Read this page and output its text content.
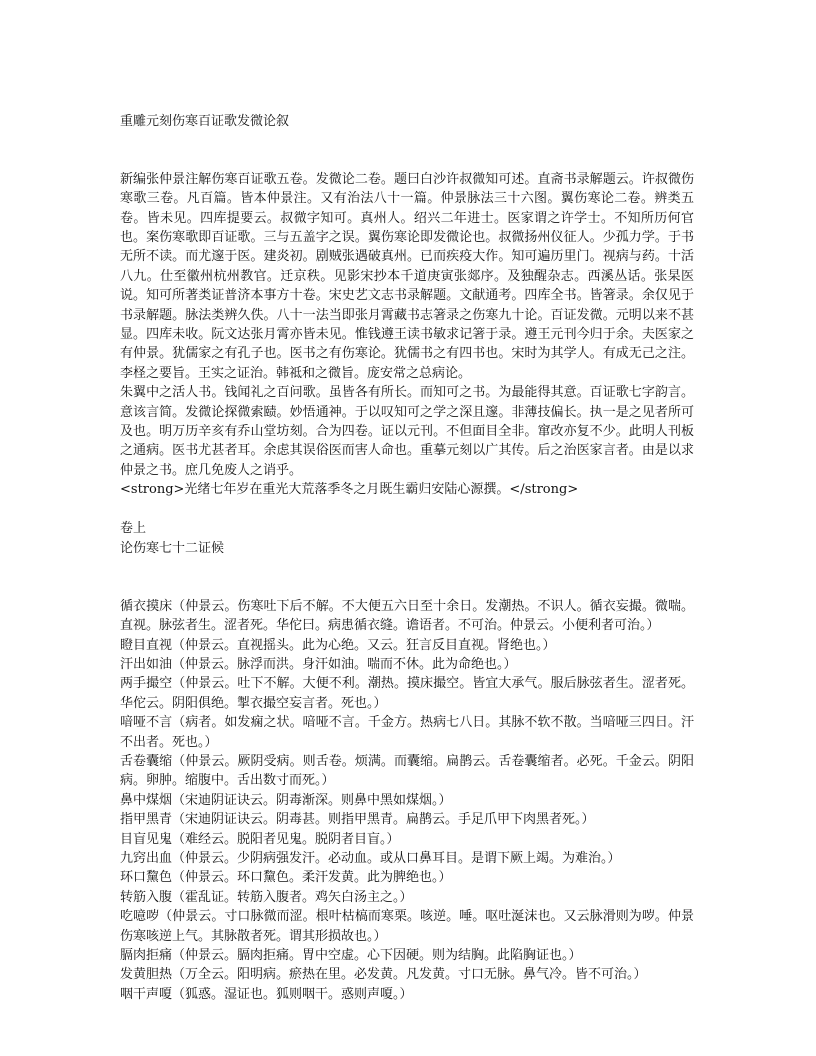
重雕元刻伤寒百证歌发微论叙

新编张仲景注解伤寒百证歌五卷。发微论二卷。题曰白沙许叔微知可述。直斋书录解题云。许叔微伤寒歌三卷。凡百篇。皆本仲景注。又有治法八十一篇。仲景脉法三十六图。翼伤寒论二卷。辨类五卷。皆未见。四库提要云。叔微字知可。真州人。绍兴二年进士。医家谓之许学士。不知所历何官也。案伤寒歌即百证歌。三与五盖字之误。翼伤寒论即发微论也。叔微扬州仪征人。少孤力学。于书无所不读。而尤邃于医。建炎初。剧贼张遇破真州。已而疾疫大作。知可遍历里门。视病与药。十活八九。仕至徽州杭州教官。迁京秩。见影宋抄本千道庚寅张郯序。及独醒杂志。西溪丛话。张杲医说。知可所著类证普济本事方十卷。宋史艺文志书录解题。文献通考。四库全书。皆箸录。余仅见于书录解题。脉法类辨久佚。八十一法当即张月霄藏书志箸录之伤寒九十论。百证发微。元明以来不甚显。四库未收。阮文达张月霄亦皆未见。惟钱遵王读书敏求记箸于录。遵王元刊今归于余。夫医家之有仲景。犹儒家之有孔子也。医书之有伤寒论。犹儒书之有四书也。宋时为其学人。有成无己之注。李柽之要旨。王实之证治。韩祗和之微旨。庞安常之总病论。

朱翼中之活人书。钱闻礼之百问歌。虽皆各有所长。而知可之书。为最能得其意。百证歌七字韵言。意该言简。发微论探微索赜。妙悟通神。于以叹知可之学之深且邃。非薄技偏长。执一是之见者所可及也。明万历辛亥有乔山堂坊刻。合为四卷。证以元刊。不但面目全非。窜改亦复不少。此明人刊板之通病。医书尤甚者耳。余虑其误俗医而害人命也。重摹元刻以广其传。后之治医家言者。由是以求仲景之书。庶几免废人之诮乎。

<strong>光绪七年岁在重光大荒落季冬之月既生霸归安陆心源撰。</strong>

卷上

论伤寒七十二证候

循衣摸床（仲景云。伤寒吐下后不解。不大便五六日至十余日。发潮热。不识人。循衣妄撮。微喘。直视。脉弦者生。涩者死。华佗曰。病患循衣缝。谵语者。不可治。仲景云。小便利者可治。）

瞪目直视（仲景云。直视摇头。此为心绝。又云。狂言反目直视。肾绝也。）

汗出如油（仲景云。脉浮而洪。身汗如油。喘而不休。此为命绝也。）

两手撮空（仲景云。吐下不解。大便不利。潮热。摸床撮空。皆宜大承气。服后脉弦者生。涩者死。华佗云。阴阳俱绝。掣衣撮空妄言者。死也。）

喑哑不言（病者。如发痫之状。喑哑不言。千金方。热病七八日。其脉不软不散。当喑哑三四日。汗不出者。死也。）

舌卷囊缩（仲景云。厥阴受病。则舌卷。烦满。而囊缩。扁鹊云。舌卷囊缩者。必死。千金云。阴阳病。卵肿。缩腹中。舌出数寸而死。）

鼻中煤烟（宋迪阴证诀云。阴毒渐深。则鼻中黑如煤烟。）

指甲黑青（宋迪阴证诀云。阴毒甚。则指甲黑青。扁鹊云。手足爪甲下肉黑者死。）

目盲见鬼（难经云。脱阳者见鬼。脱阴者目盲。）

九窍出血（仲景云。少阴病强发汗。必动血。或从口鼻耳目。是谓下厥上竭。为难治。）

环口黧色（仲景云。环口黧色。柔汗发黄。此为脾绝也。）

转筋入腹（霍乱证。转筋入腹者。鸡矢白汤主之。）

吃噫哕（仲景云。寸口脉微而涩。根叶枯槁而寒栗。咳逆。唾。呕吐涎沫也。又云脉滑则为哕。仲景伤寒咳逆上气。其脉散者死。谓其形损故也。）

膈肉拒痛（仲景云。膈肉拒痛。胃中空虚。心下因硬。则为结胸。此陷胸证也。）

发黄胆热（万全云。阳明病。瘀热在里。必发黄。凡发黄。寸口无脉。鼻气冷。皆不可治。）

咽干声嗄（狐惑。湿证也。狐则咽干。惑则声嗄。）
